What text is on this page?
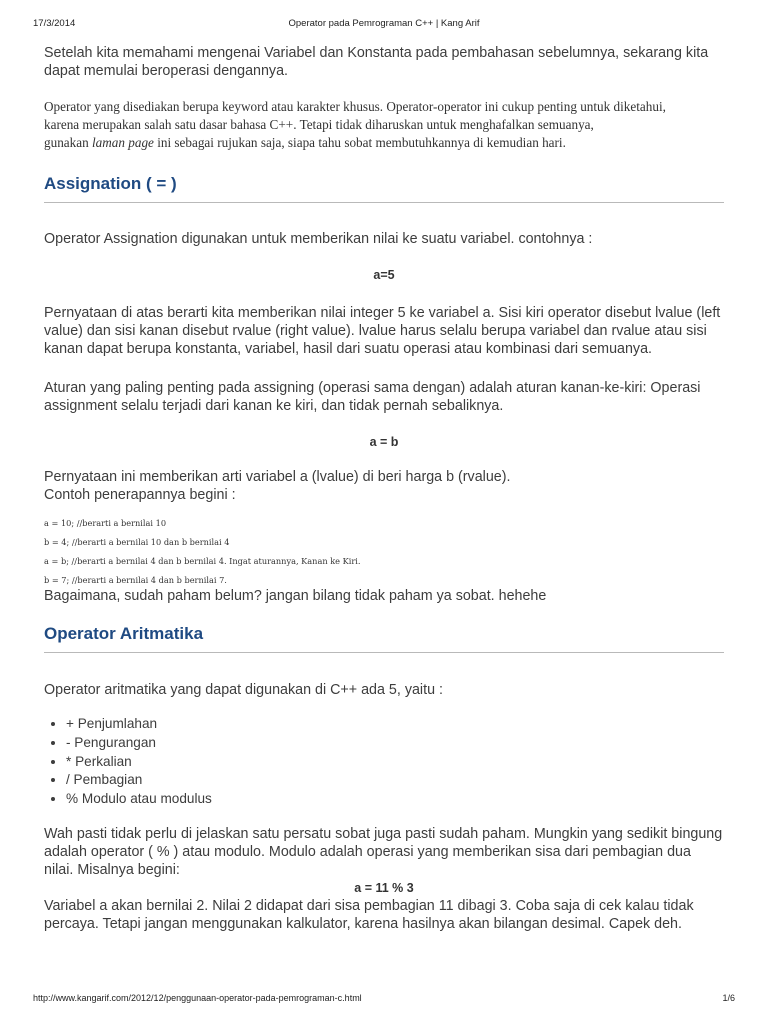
17/3/2014	Operator pada Pemrograman C++ | Kang Arif

Setelah kita memahami mengenai Variabel dan Konstanta pada pembahasan sebelumnya, sekarang kita dapat memulai beroperasi dengannya.

Operator yang disediakan berupa keyword atau karakter khusus. Operator-operator ini cukup penting untuk diketahui,
karena merupakan salah satu dasar bahasa C++. Tetapi tidak diharuskan untuk menghafalkan semuanya,
gunakan laman page ini sebagai rujukan saja, siapa tahu sobat membutuhkannya di kemudian hari.
Assignation ( = )

Operator Assignation digunakan untuk memberikan nilai ke suatu variabel. contohnya :

a=5

Pernyataan di atas berarti kita memberikan nilai integer 5 ke variabel a. Sisi kiri operator disebut lvalue (left value) dan sisi kanan disebut rvalue (right value). lvalue harus selalu berupa variabel dan rvalue atau sisi kanan dapat berupa konstanta, variabel, hasil dari suatu operasi atau kombinasi dari semuanya.

Aturan yang paling penting pada assigning (operasi sama dengan) adalah aturan kanan-ke-kiri: Operasi assignment selalu terjadi dari kanan ke kiri, dan tidak pernah sebaliknya.

a = b

Pernyataan ini memberikan arti variabel a (lvalue) di beri harga b (rvalue).
Contoh penerapannya begini :
a = 10; //berarti a bernilai 10
b = 4; //berarti a bernilai 10 dan b bernilai 4
a = b; //berarti a bernilai 4 dan b bernilai 4. Ingat aturannya, Kanan ke Kiri.
b = 7; //berarti a bernilai 4 dan b bernilai 7.

Bagaimana, sudah paham belum? jangan bilang tidak paham ya sobat. hehehe

Operator Aritmatika

Operator aritmatika yang dapat digunakan di C++ ada 5, yaitu :

• + Penjumlahan
• - Pengurangan
• * Perkalian
• / Pembagian
• % Modulo atau modulus

Wah pasti tidak perlu di jelaskan satu persatu sobat juga pasti sudah paham. Mungkin yang sedikit bingung adalah operator ( % ) atau modulo. Modulo adalah operasi yang memberikan sisa dari pembagian dua nilai. Misalnya begini:

a = 11 % 3

Variabel a akan bernilai 2. Nilai 2 didapat dari sisa pembagian 11 dibagi 3. Coba saja di cek kalau tidak percaya. Tetapi jangan menggunakan kalkulator, karena hasilnya akan bilangan desimal. Capek deh.

http://www.kangarif.com/2012/12/penggunaan-operator-pada-pemrograman-c.html	1/6
